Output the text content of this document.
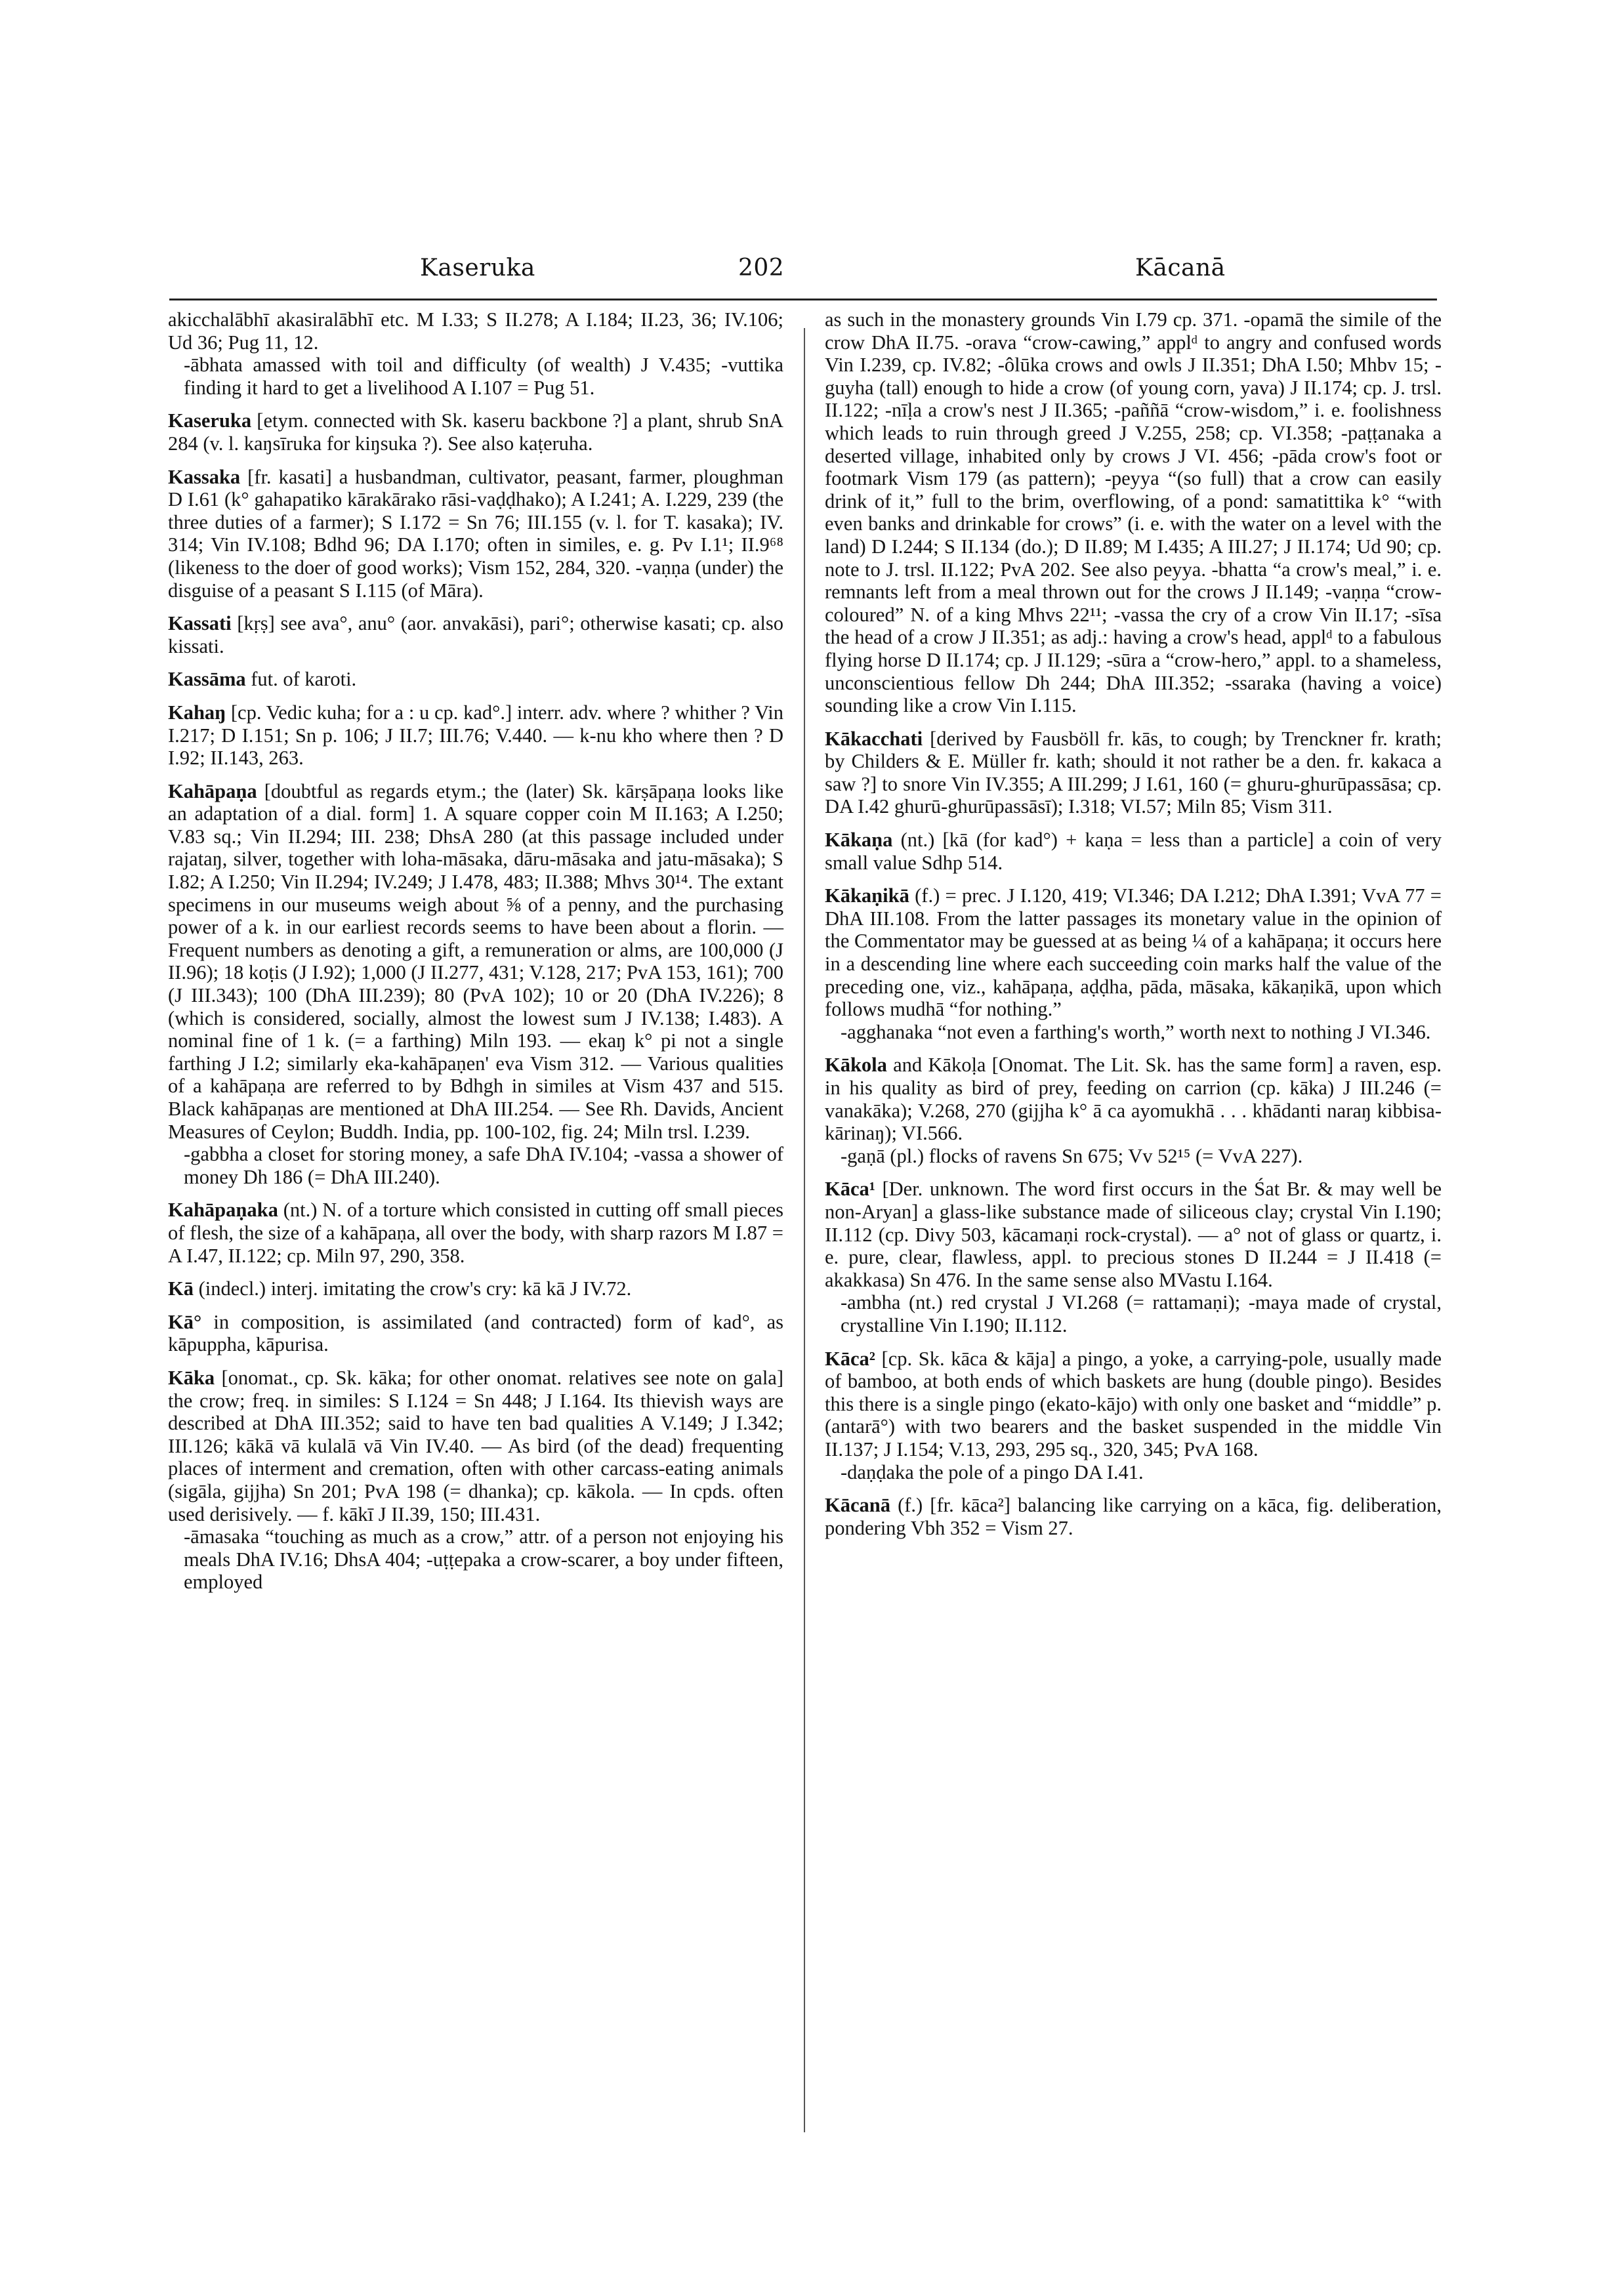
Kaseruka	202	Kācanā

akicchalābhī akasiralābhī etc. M I.33; S II.278; A I.184; II.23, 36; IV.106; Ud 36; Pug 11, 12.

-ābhata amassed with toil and difficulty (of wealth) J V.435; -vuttika finding it hard to get a livelihood A I.107 = Pug 51.

Kaseruka [etym. connected with Sk. kaseru backbone ?] a plant, shrub SnA 284 (v. l. kaŋsīruka for kiŋsuka ?). See also kaṭeruha.

Kassaka [fr. kasati] a husbandman, cultivator, peasant, farmer, ploughman D I.61 (k° gahapatiko kārakārako rāsi-vaḍḍhako); A I.241; A. I.229, 239 (the three duties of a farmer); S I.172 = Sn 76; III.155 (v. l. for T. kasaka); IV. 314; Vin IV.108; Bdhd 96; DA I.170; often in similes, e. g. Pv I.1¹; II.9⁶⁸ (likeness to the doer of good works); Vism 152, 284, 320. -vaṇṇa (under) the disguise of a peasant S I.115 (of Māra).

Kassati [kṛṣ] see ava°, anu° (aor. anvakāsi), pari°; otherwise kasati; cp. also kissati.

Kassāma fut. of karoti.

Kahaŋ [cp. Vedic kuha; for a : u cp. kad°.] interr. adv. where ? whither ? Vin I.217; D I.151; Sn p. 106; J II.7; III.76; V.440. — k-nu kho where then ? D I.92; II.143, 263.

Kahāpaṇa [doubtful as regards etym.; the (later) Sk. kārṣāpaṇa looks like an adaptation of a dial. form] 1. A square copper coin M II.163; A I.250; V.83 sq.; Vin II.294; III. 238; DhsA 280 (at this passage included under rajataŋ, silver, together with loha-māsaka, dāru-māsaka and jatu-māsaka); S I.82; A I.250; Vin II.294; IV.249; J I.478, 483; II.388; Mhvs 30¹⁴. The extant specimens in our museums weigh about ⅝ of a penny, and the purchasing power of a k. in our earliest records seems to have been about a florin. — Frequent numbers as denoting a gift, a remuneration or alms, are 100,000 (J II.96); 18 koṭis (J I.92); 1,000 (J II.277, 431; V.128, 217; PvA 153, 161); 700 (J III.343); 100 (DhA III.239); 80 (PvA 102); 10 or 20 (DhA IV.226); 8 (which is considered, socially, almost the lowest sum J IV.138; I.483). A nominal fine of 1 k. (= a farthing) Miln 193. — ekaŋ k° pi not a single farthing J I.2; similarly eka-kahāpaṇen' eva Vism 312. — Various qualities of a kahāpaṇa are referred to by Bdhgh in similes at Vism 437 and 515. Black kahāpaṇas are mentioned at DhA III.254. — See Rh. Davids, Ancient Measures of Ceylon; Buddh. India, pp. 100-102, fig. 24; Miln trsl. I.239.

-gabbha a closet for storing money, a safe DhA IV.104; -vassa a shower of money Dh 186 (= DhA III.240).

Kahāpaṇaka (nt.) N. of a torture which consisted in cutting off small pieces of flesh, the size of a kahāpaṇa, all over the body, with sharp razors M I.87 = A I.47, II.122; cp. Miln 97, 290, 358.

Kā (indecl.) interj. imitating the crow's cry: kā kā J IV.72.

Kā° in composition, is assimilated (and contracted) form of kad°, as kāpuppha, kāpurisa.

Kāka [onomat., cp. Sk. kāka; for other onomat. relatives see note on gala] the crow; freq. in similes: S I.124 = Sn 448; J I.164. Its thievish ways are described at DhA III.352; said to have ten bad qualities A V.149; J I.342; III.126; kākā vā kulalā vā Vin IV.40. — As bird (of the dead) frequenting places of interment and cremation, often with other carcass-eating animals (sigāla, gijjha) Sn 201; PvA 198 (= dhanka); cp. kākola. — In cpds. often used derisively. — f. kākī J II.39, 150; III.431.

-āmasaka “touching as much as a crow,” attr. of a person not enjoying his meals DhA IV.16; DhsA 404; -uṭṭepaka a crow-scarer, a boy under fifteen, employed

as such in the monastery grounds Vin I.79 cp. 371. -opamā the simile of the crow DhA II.75. -orava “crow-cawing,” applᵈ to angry and confused words Vin I.239, cp. IV.82; -ôlūka crows and owls J II.351; DhA I.50; Mhbv 15; -guyha (tall) enough to hide a crow (of young corn, yava) J II.174; cp. J. trsl. II.122; -nīḷa a crow's nest J II.365; -paññā “crow-wisdom,” i. e. foolishness which leads to ruin through greed J V.255, 258; cp. VI.358; -paṭṭanaka a deserted village, inhabited only by crows J VI. 456; -pāda crow's foot or footmark Vism 179 (as pattern); -peyya “(so full) that a crow can easily drink of it,” full to the brim, overflowing, of a pond: samatittika k° “with even banks and drinkable for crows” (i. e. with the water on a level with the land) D I.244; S II.134 (do.); D II.89; M I.435; A III.27; J II.174; Ud 90; cp. note to J. trsl. II.122; PvA 202. See also peyya. -bhatta “a crow's meal,” i. e. remnants left from a meal thrown out for the crows J II.149; -vaṇṇa “crow-coloured” N. of a king Mhvs 22¹¹; -vassa the cry of a crow Vin II.17; -sīsa the head of a crow J II.351; as adj.: having a crow's head, applᵈ to a fabulous flying horse D II.174; cp. J II.129; -sūra a “crow-hero,” appl. to a shameless, unconscientious fellow Dh 244; DhA III.352; -ssaraka (having a voice) sounding like a crow Vin I.115.

Kākacchati [derived by Fausböll fr. kās, to cough; by Trenckner fr. krath; by Childers & E. Müller fr. kath; should it not rather be a den. fr. kakaca a saw ?] to snore Vin IV.355; A III.299; J I.61, 160 (= ghuru-ghurūpassāsa; cp. DA I.42 ghurū-ghurūpassāsī); I.318; VI.57; Miln 85; Vism 311.

Kākaṇa (nt.) [kā (for kad°) + kaṇa = less than a particle] a coin of very small value Sdhp 514.

Kākaṇikā (f.) = prec. J I.120, 419; VI.346; DA I.212; DhA I.391; VvA 77 = DhA III.108. From the latter passages its monetary value in the opinion of the Commentator may be guessed at as being ¼ of a kahāpaṇa; it occurs here in a descending line where each succeeding coin marks half the value of the preceding one, viz., kahāpaṇa, aḍḍha, pāda, māsaka, kākaṇikā, upon which follows mudhā “for nothing.”

-agghanaka “not even a farthing's worth,” worth next to nothing J VI.346.

Kākola and Kākoḷa [Onomat. The Lit. Sk. has the same form] a raven, esp. in his quality as bird of prey, feeding on carrion (cp. kāka) J III.246 (= vanakāka); V.268, 270 (gijjha k° ā ca ayomukhā . . . khādanti naraŋ kibbisa-kārinaŋ); VI.566.

-gaṇā (pl.) flocks of ravens Sn 675; Vv 52¹⁵ (= VvA 227).

Kāca¹ [Der. unknown. The word first occurs in the Śat Br. & may well be non-Aryan] a glass-like substance made of siliceous clay; crystal Vin I.190; II.112 (cp. Divy 503, kācamaṇi rock-crystal). — a° not of glass or quartz, i. e. pure, clear, flawless, appl. to precious stones D II.244 = J II.418 (= akakkasa) Sn 476. In the same sense also MVastu I.164.

-ambha (nt.) red crystal J VI.268 (= rattamaṇi); -maya made of crystal, crystalline Vin I.190; II.112.

Kāca² [cp. Sk. kāca & kāja] a pingo, a yoke, a carrying-pole, usually made of bamboo, at both ends of which baskets are hung (double pingo). Besides this there is a single pingo (ekato-kājo) with only one basket and “middle” p. (antarā°) with two bearers and the basket suspended in the middle Vin II.137; J I.154; V.13, 293, 295 sq., 320, 345; PvA 168.

-daṇḍaka the pole of a pingo DA I.41.

Kācanā (f.) [fr. kāca²] balancing like carrying on a kāca, fig. deliberation, pondering Vbh 352 = Vism 27.
